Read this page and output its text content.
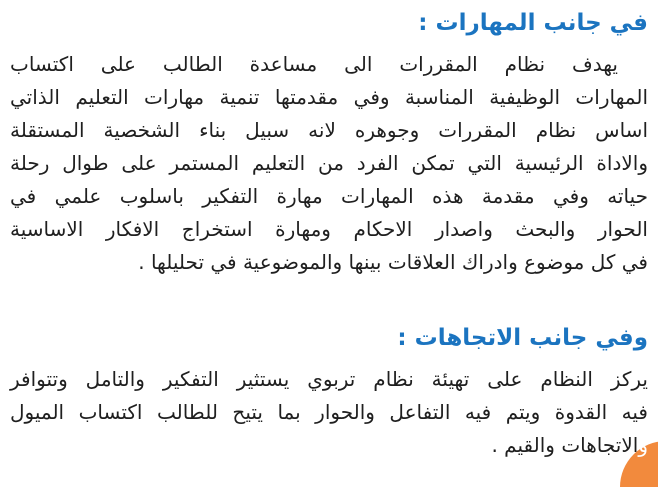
في جانب المهارات :
يهدف نظام المقررات الى مساعدة الطالب على اكتساب
المهارات الوظيفية المناسبة وفي مقدمتها تنمية مهارات التعليم الذاتي
اساس نظام المقررات وجوهره لانه سبيل بناء الشخصية المستقلة
والاداة الرئيسية التي تمكن الفرد من التعليم المستمر على طوال رحلة
حياته وفي مقدمة هذه المهارات مهارة التفكير باسلوب علمي في
الحوار والبحث واصدار الاحكام ومهارة استخراج الافكار الاساسية
في كل موضوع وادراك العلاقات بينها والموضوعية في تحليلها .
وفي جانب الاتجاهات :
يركز النظام على تهيئة نظام تربوي يستثير التفكير والتامل وتتوافر
فيه القدوة ويتم فيه التفاعل والحوار بما يتيح للطالب اكتساب الميول
والاتجاهات والقيم .
